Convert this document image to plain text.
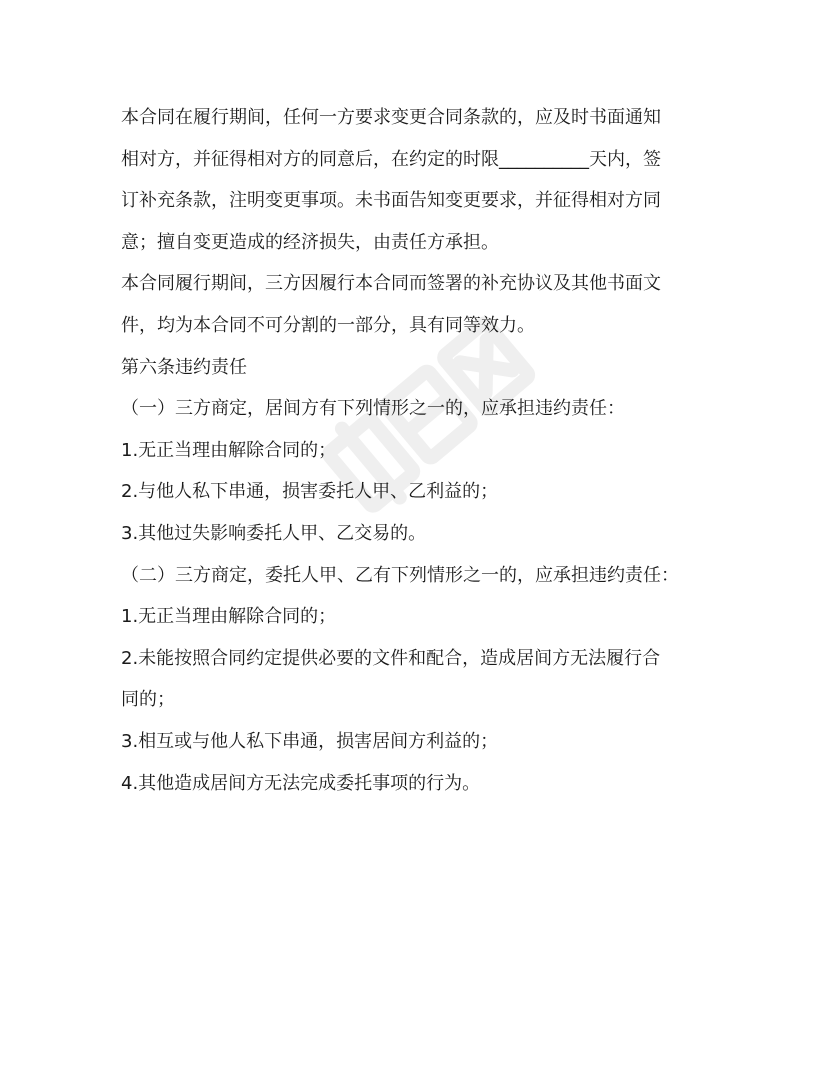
本合同在履行期间，任何一方要求变更合同条款的，应及时书面通知
相对方，并征得相对方的同意后，在约定的时限__________天内，签
订补充条款，注明变更事项。未书面告知变更要求，并征得相对方同
意；擅自变更造成的经济损失，由责任方承担。
本合同履行期间，三方因履行本合同而签署的补充协议及其他书面文
件，均为本合同不可分割的一部分，具有同等效力。
第六条违约责任
（一）三方商定，居间方有下列情形之一的，应承担违约责任：
1.无正当理由解除合同的；
2.与他人私下串通，损害委托人甲、乙利益的；
3.其他过失影响委托人甲、乙交易的。
（二）三方商定，委托人甲、乙有下列情形之一的，应承担违约责任：
1.无正当理由解除合同的；
2.未能按照合同约定提供必要的文件和配合，造成居间方无法履行合
同的；
3.相互或与他人私下串通，损害居间方利益的；
4.其他造成居间方无法完成委托事项的行为。
